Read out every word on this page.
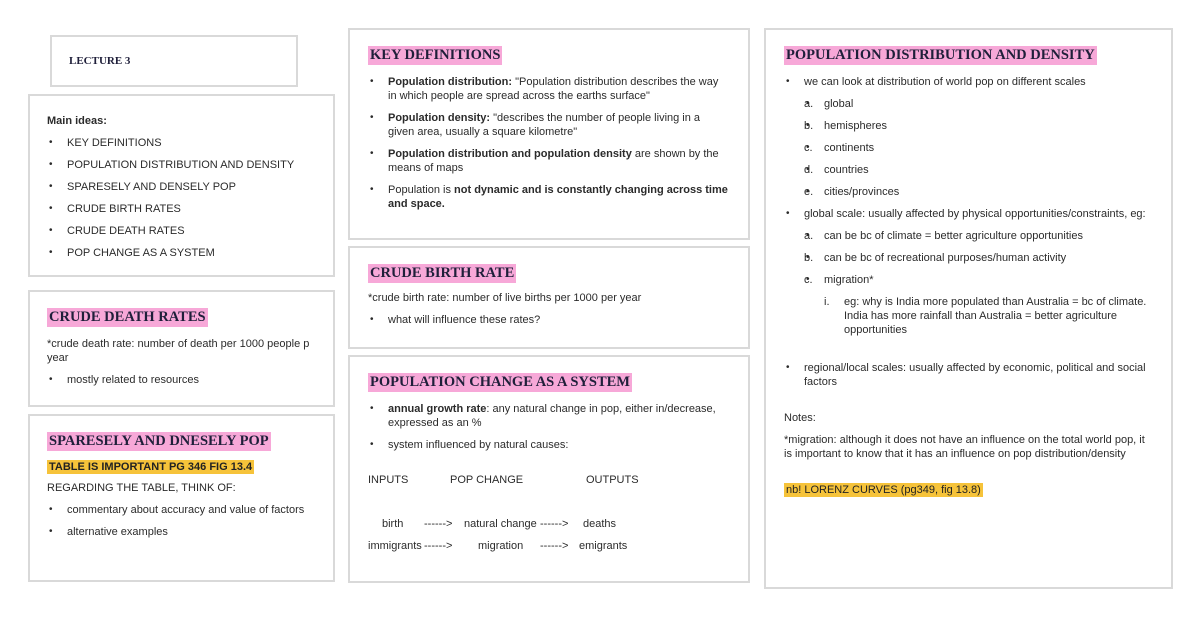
LECTURE 3
Main ideas:
• KEY DEFINITIONS
• POPULATION DISTRIBUTION AND DENSITY
• SPARESELY AND DENSELY POP
• CRUDE BIRTH RATES
• CRUDE DEATH RATES
• POP CHANGE AS A SYSTEM
CRUDE DEATH RATES

*crude death rate: number of death per 1000 people p year

• mostly related to resources
SPARESELY AND DNESELY POP

TABLE IS IMPORTANT PG 346 FIG 13.4

REGARDING THE TABLE, THINK OF:

• commentary about accuracy and value of factors
• alternative examples
KEY DEFINITIONS
• Population distribution: "Population distribution describes the way in which people are spread across the earths surface"
• Population density: "describes the number of people living in a given area, usually a square kilometre"
• Population distribution and population density are shown by the means of maps
• Population is not dynamic and is constantly changing across time and space.
CRUDE BIRTH RATE

*crude birth rate: number of live births per 1000 per year

• what will influence these rates?
POPULATION CHANGE AS A SYSTEM
• annual growth rate: any natural change in pop, either in/decrease, expressed as an %
• system influenced by natural causes:
INPUTS	POP CHANGE	OUTPUTS
birth ------> natural change ------> deaths
immigrants ------> migration ------> emigrants
POPULATION DISTRIBUTION AND DENSITY
• we can look at distribution of world pop on different scales
• a. global
• b. hemispheres
• c. continents
• d. countries
• e. cities/provinces
• global scale: usually affected by physical opportunities/constraints, eg:
• a. can be bc of climate = better agriculture opportunities
• b. can be bc of recreational purposes/human activity
• c. migration*
i. eg: why is India more populated than Australia = bc of climate. India has more rainfall than Australia = better agriculture opportunities
• regional/local scales: usually affected by economic, political and social factors

Notes:

*migration: although it does not have an influence on the total world pop, it is important to know that it has an influence on pop distribution/density

nb! LORENZ CURVES (pg349, fig 13.8)
